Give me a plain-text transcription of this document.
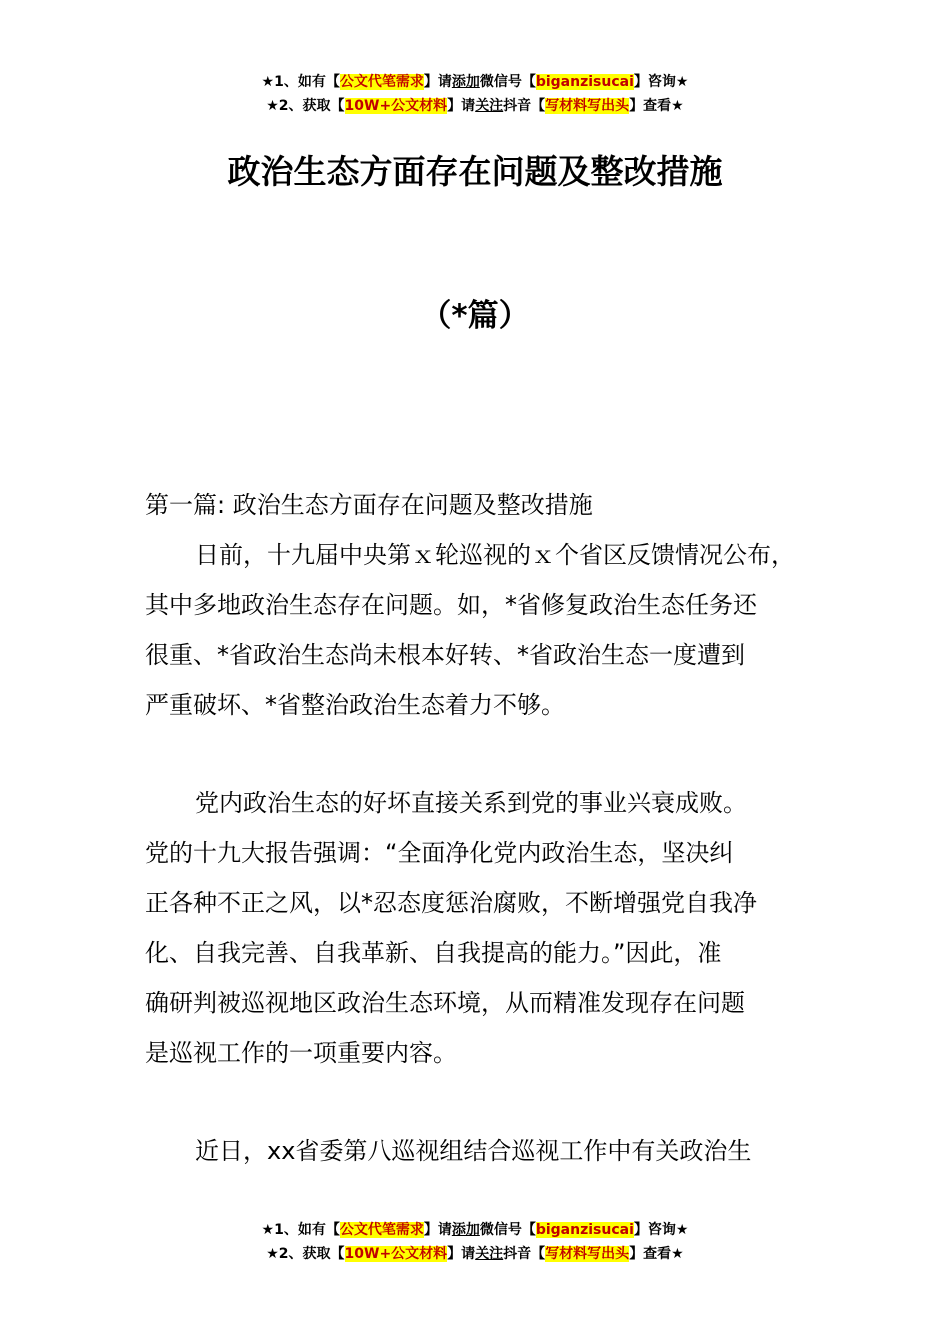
★1、如有【公文代笔需求】请添加微信号【biganzisucai】咨询★
★2、获取【10W+公文材料】请关注抖音【写材料写出头】查看★
政治生态方面存在问题及整改措施
（*篇）

第一篇: 政治生态方面存在问题及整改措施

日前，十九届中央第ｘ轮巡视的ｘ个省区反馈情况公布，

其中多地政治生态存在问题。如，*省修复政治生态任务还

很重、*省政治生态尚未根本好转、*省政治生态一度遭到

严重破坏、*省整治政治生态着力不够。

党内政治生态的好坏直接关系到党的事业兴衰成败。

党的十九大报告强调：“全面净化党内政治生态，坚决纠

正各种不正之风，以*忍态度惩治腐败，不断增强党自我净

化、自我完善、自我革新、自我提高的能力。”因此，准

确研判被巡视地区政治生态环境，从而精准发现存在问题

是巡视工作的一项重要内容。

近日，xx省委第八巡视组结合巡视工作中有关政治生

★1、如有【公文代笔需求】请添加微信号【biganzisucai】咨询★
★2、获取【10W+公文材料】请关注抖音【写材料写出头】查看★
